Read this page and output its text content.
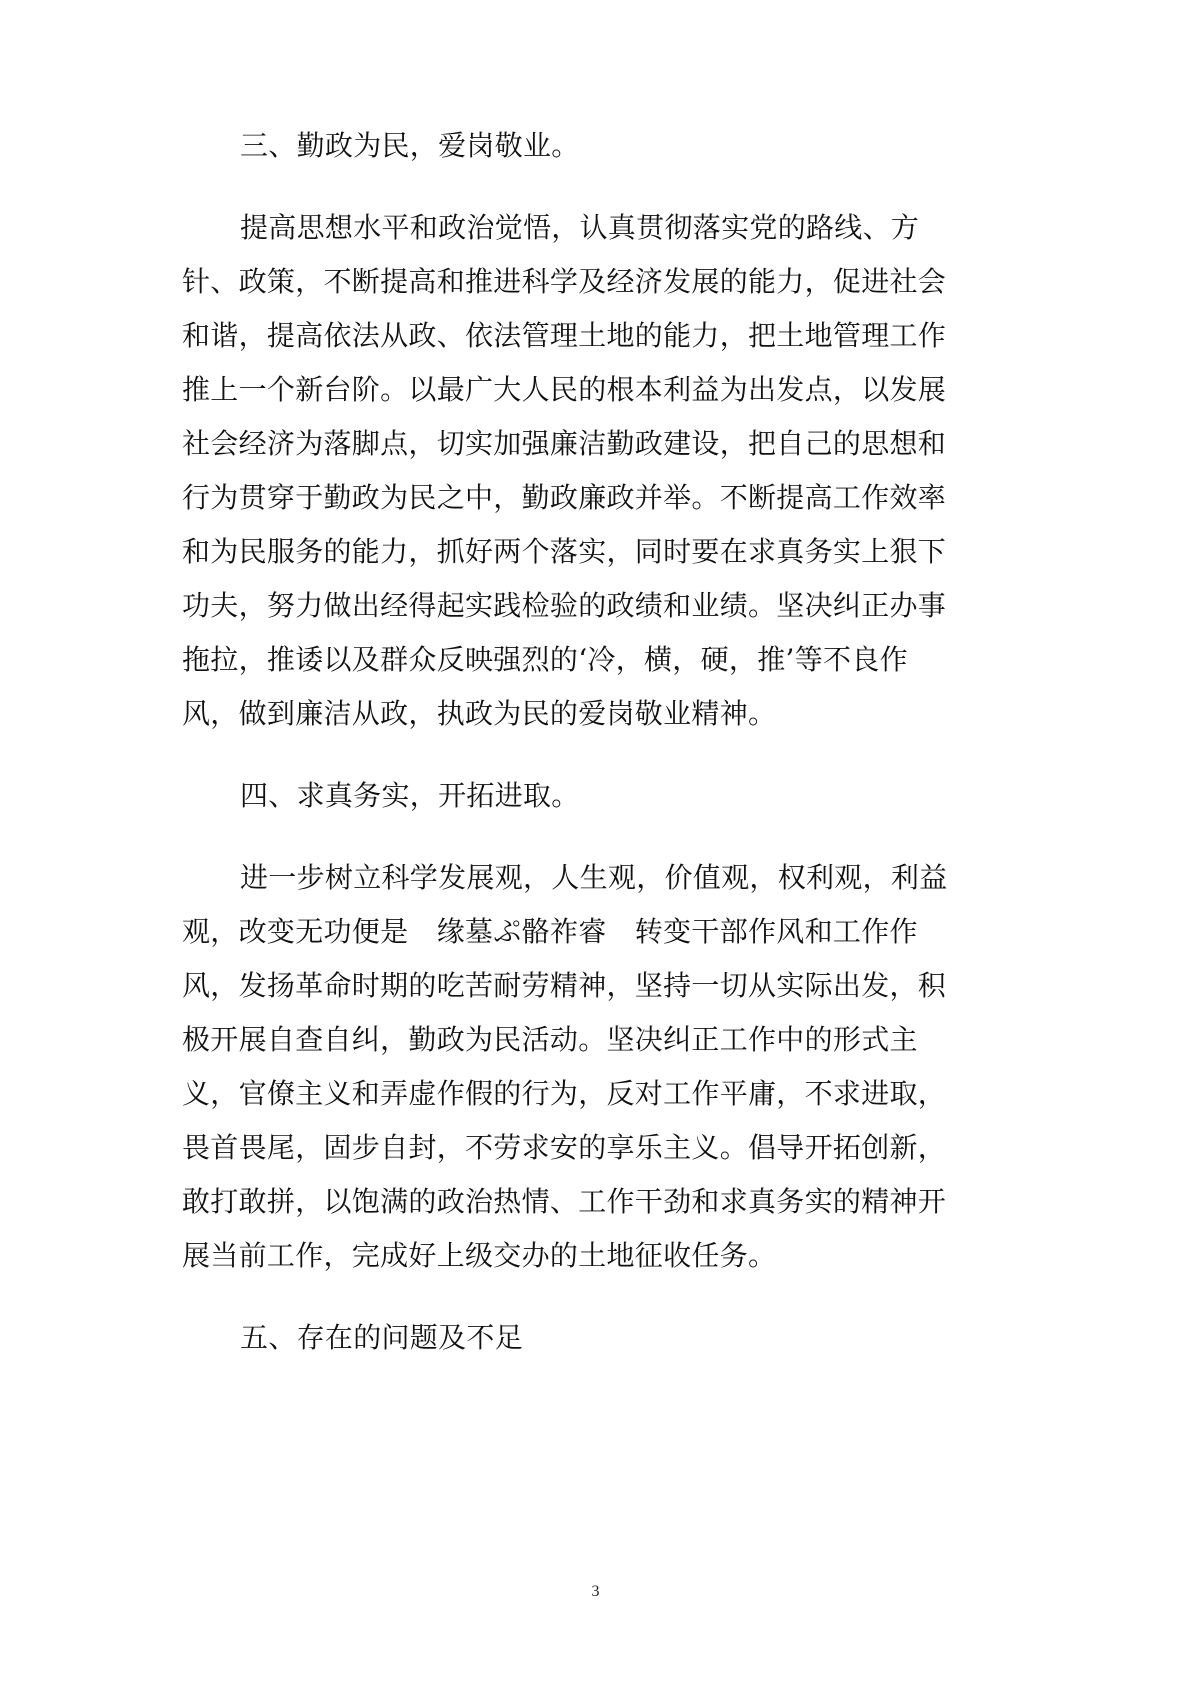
三、勤政为民，爱岗敬业。
提高思想水平和政治觉悟，认真贯彻落实党的路线、方
针、政策，不断提高和推进科学及经济发展的能力，促进社会
和谐，提高依法从政、依法管理土地的能力，把土地管理工作
推上一个新台阶。以最广大人民的根本利益为出发点，以发展
社会经济为落脚点，切实加强廉洁勤政建设，把自己的思想和
行为贯穿于勤政为民之中，勤政廉政并举。不断提高工作效率
和为民服务的能力，抓好两个落实，同时要在求真务实上狠下
功夫，努力做出经得起实践检验的政绩和业绩。坚决纠正办事
拖拉，推诿以及群众反映强烈的‘冷，横，硬，推’等不良作
风，做到廉洁从政，执政为民的爱岗敬业精神。
四、求真务实，开拓进取。
进一步树立科学发展观，人生观，价值观，权利观，利益
观，改变无功便是　缘墓ぷ骼祚睿　转变干部作风和工作作
风，发扬革命时期的吃苦耐劳精神，坚持一切从实际出发，积
极开展自查自纠，勤政为民活动。坚决纠正工作中的形式主
义，官僚主义和弄虚作假的行为，反对工作平庸，不求进取，
畏首畏尾，固步自封，不劳求安的享乐主义。倡导开拓创新，
敢打敢拼，以饱满的政治热情、工作干劲和求真务实的精神开
展当前工作，完成好上级交办的土地征收任务。
五、存在的问题及不足
3
